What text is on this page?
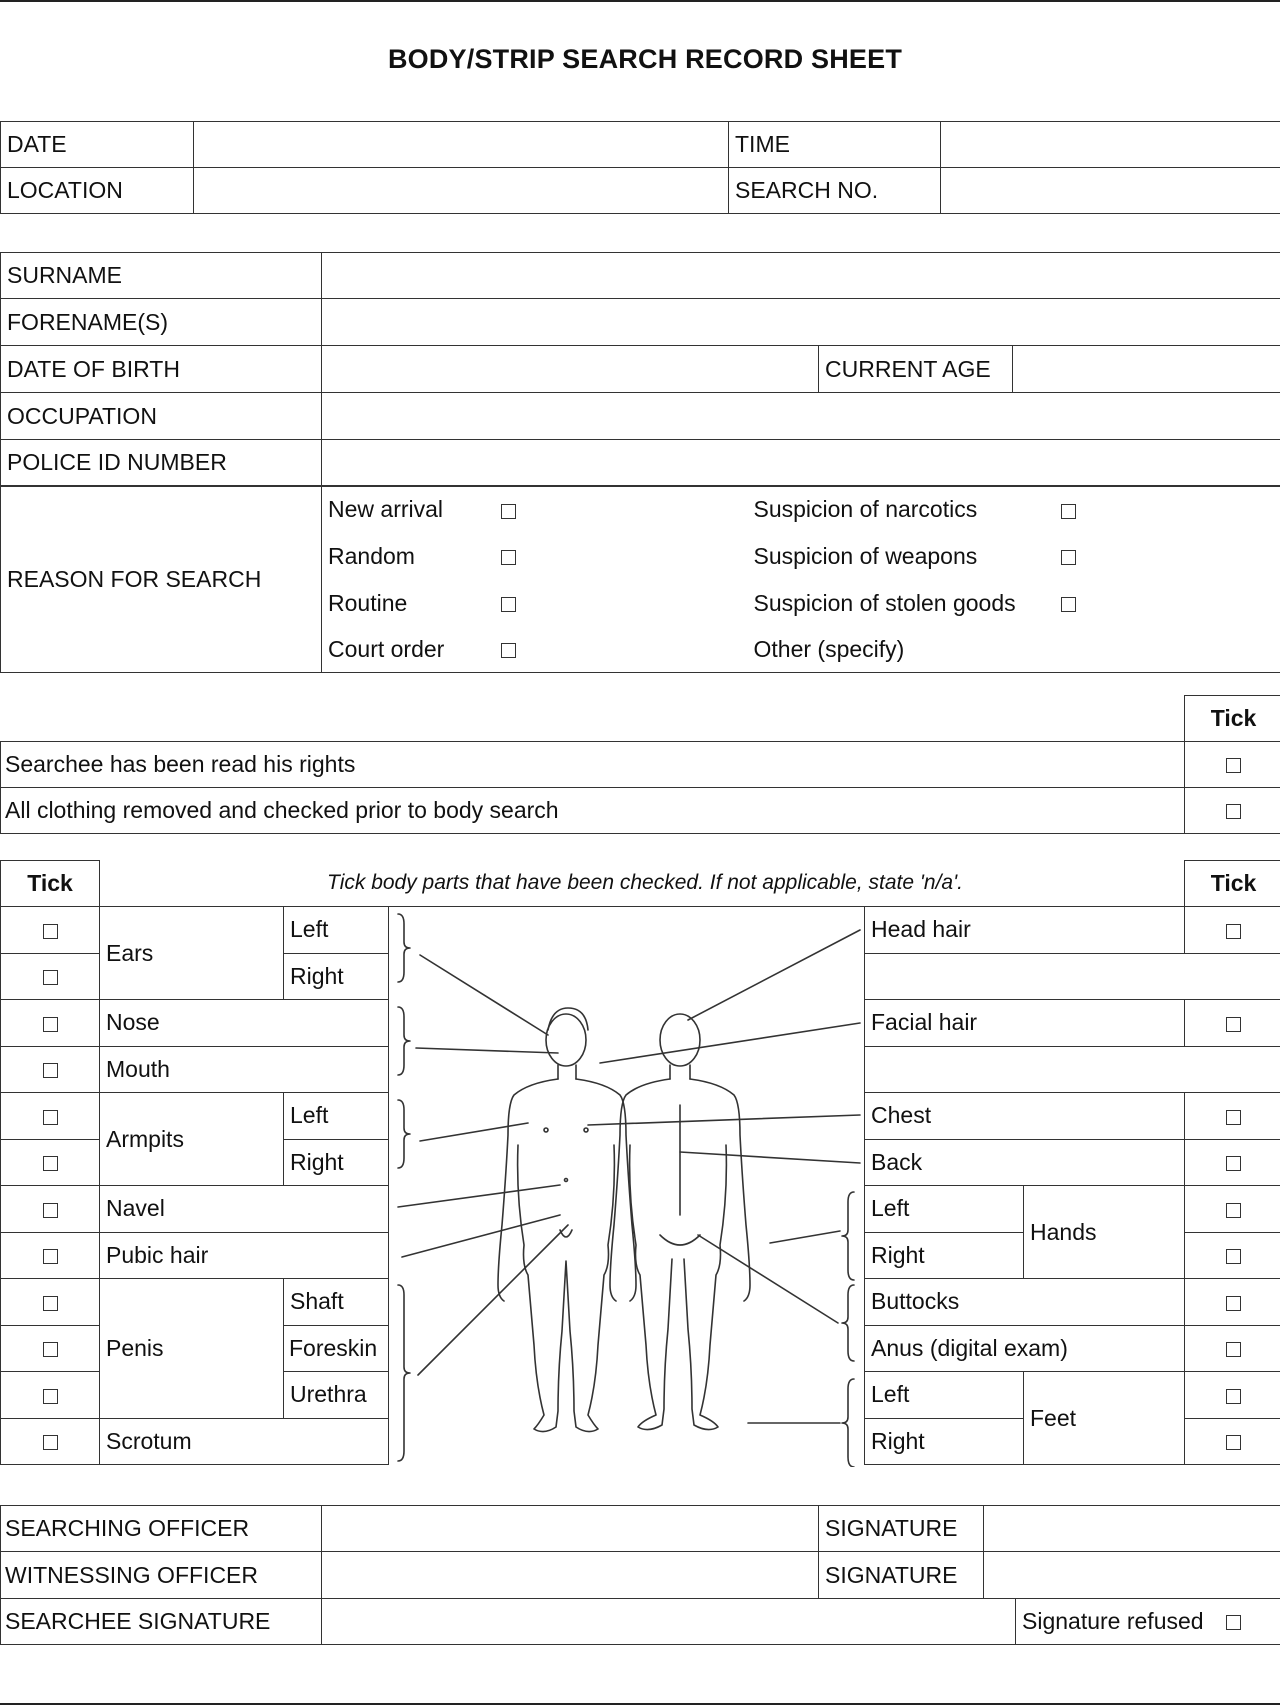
BODY/STRIP SEARCH RECORD SHEET
DATE		TIME	
LOCATION		SEARCH NO.	
SURNAME			
FORENAME(S)			
DATE OF BIRTH		CURRENT AGE	
OCCUPATION			
POLICE ID NUMBER			
REASON FOR SEARCH	New arrival		Suspicion of narcotics	
	Random		Suspicion of weapons	
	Routine		Suspicion of stolen goods	
	Court order		Other (specify)	
	Tick
Searchee has been read his rights	
All clothing removed and checked prior to body search	
Tick	Tick body parts that have been checked. If not applicable, state 'n/a'.					Tick
	Ears	Left		Head hair		
		Right				
	Nose			Facial hair		
	Mouth					
	Armpits	Left		Chest		
		Right		Back		
	Navel			Left	Hands	
	Pubic hair			Right		
	Penis	Shaft		Buttocks		
		Foreskin		Anus (digital exam)		
		Urethra		Left	Feet	
	Scrotum			Right		
SEARCHING OFFICER		SIGNATURE		
WITNESSING OFFICER		SIGNATURE		
SEARCHEE SIGNATURE				Signature refused
